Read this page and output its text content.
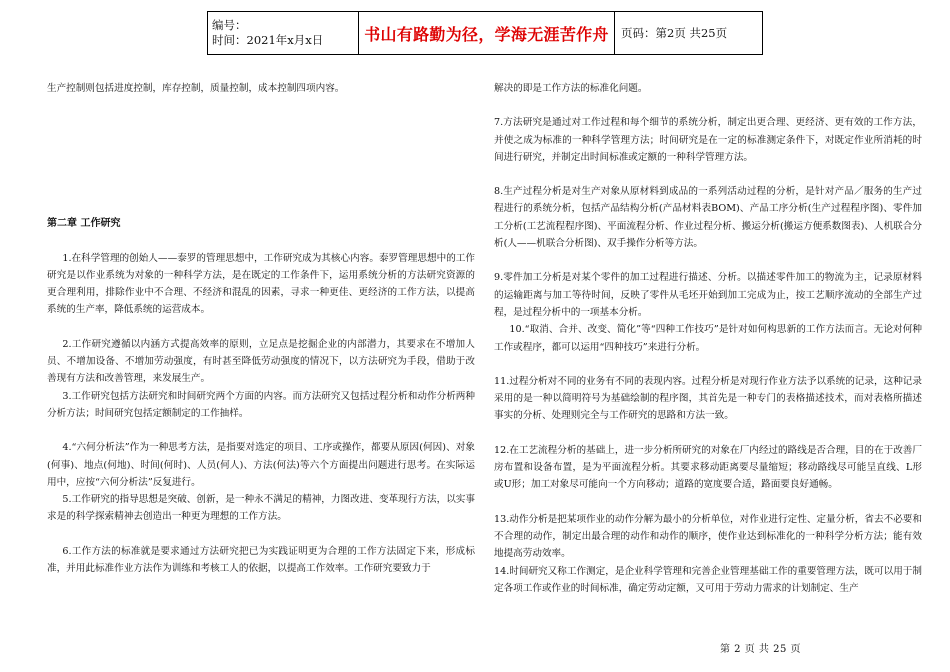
编号：
时间：2021年x月x日	书山有路勤为径，学海无涯苦作舟	页码：第2页 共25页

生产控制则包括进度控制，库存控制，质量控制，成本控制四项内容。

第二章 工作研究

1.在科学管理的创始人——泰罗的管理思想中，工作研究成为其核心内容。泰罗管理思想中的工作研究是以作业系统为对象的一种科学方法，是在既定的工作条件下，运用系统分析的方法研究资源的更合理利用，排除作业中不合理、不经济和混乱的因素，寻求一种更佳、更经济的工作方法，以提高系统的生产率，降低系统的运营成本。

2.工作研究遵循以内涵方式提高效率的原则，立足点是挖掘企业的内部潜力，其要求在不增加人员、不增加设备、不增加劳动强度，有时甚至降低劳动强度的情况下，以方法研究为手段，借助于改善现有方法和改善管理，来发展生产。

3.工作研究包括方法研究和时间研究两个方面的内容。而方法研究又包括过程分析和动作分析两种分析方法；时间研究包括定额制定的工作抽样。

4.“六何分析法”作为一种思考方法，是指要对选定的项目、工序或操作，都要从原因(何因)、对象(何事)、地点(何地)、时间(何时)、人员(何人)、方法(何法)等六个方面提出问题进行思考。在实际运用中，应按“六何分析法”反复进行。

5.工作研究的指导思想是突破、创新，是一种永不满足的精神，力图改进、变革现行方法，以实事求是的科学探索精神去创造出一种更为理想的工作方法。

6.工作方法的标准就是要求通过方法研究把已为实践证明更为合理的工作方法固定下来，形成标准，并用此标准作业方法作为训练和考核工人的依据，以提高工作效率。工作研究要致力于

解决的即是工作方法的标准化问题。

7.方法研究是通过对工作过程和每个细节的系统分析，制定出更合理、更经济、更有效的工作方法，并使之成为标准的一种科学管理方法；时间研究是在一定的标准测定条件下，对既定作业所消耗的时间进行研究，并制定出时间标准或定额的一种科学管理方法。

8.生产过程分析是对生产对象从原材料到成品的一系列活动过程的分析，是针对产品／服务的生产过程进行的系统分析，包括产品结构分析(产品材料表BOM)、产品工序分析(生产过程程序图)、零件加工分析(工艺流程程序图)、平面流程分析、作业过程分析、搬运分析(搬运方便系数图表)、人机联合分析(人——机联合分析图)、双手操作分析等方法。

9.零件加工分析是对某个零件的加工过程进行描述、分析。以描述零件加工的物流为主，记录原材料的运输距离与加工等待时间，反映了零件从毛坯开始到加工完成为止，按工艺顺序流动的全部生产过程，是过程分析中的一项基本分析。

10.“取消、合并、改变、简化”等“四种工作技巧”是针对如何构思新的工作方法而言。无论对何种工作或程序，都可以运用“四种技巧”来进行分析。

11.过程分析对不同的业务有不同的表现内容。过程分析是对现行作业方法予以系统的记录，这种记录采用的是一种以简明符号为基础绘制的程序图，其首先是一种专门的表格描述技术，而对表格所描述事实的分析、处理则完全与工作研究的思路和方法一致。

12.在工艺流程分析的基础上，进一步分析所研究的对象在厂内经过的路线是否合理，目的在于改善厂房布置和设备布置，是为平面流程分析。其要求移动距离要尽量缩短；移动路线尽可能呈直线、L形或U形；加工对象尽可能向一个方向移动；道路的宽度要合适，路面要良好通畅。

13.动作分析是把某项作业的动作分解为最小的分析单位，对作业进行定性、定量分析，省去不必要和不合理的动作，制定出最合理的动作和动作的顺序，使作业达到标准化的一种科学分析方法；能有效地提高劳动效率。

14.时间研究又称工作测定，是企业科学管理和完善企业管理基础工作的重要管理方法，既可以用于制定各项工作或作业的时间标准，确定劳动定额，又可用于劳动力需求的计划制定、生产

第 2 页 共 25 页
